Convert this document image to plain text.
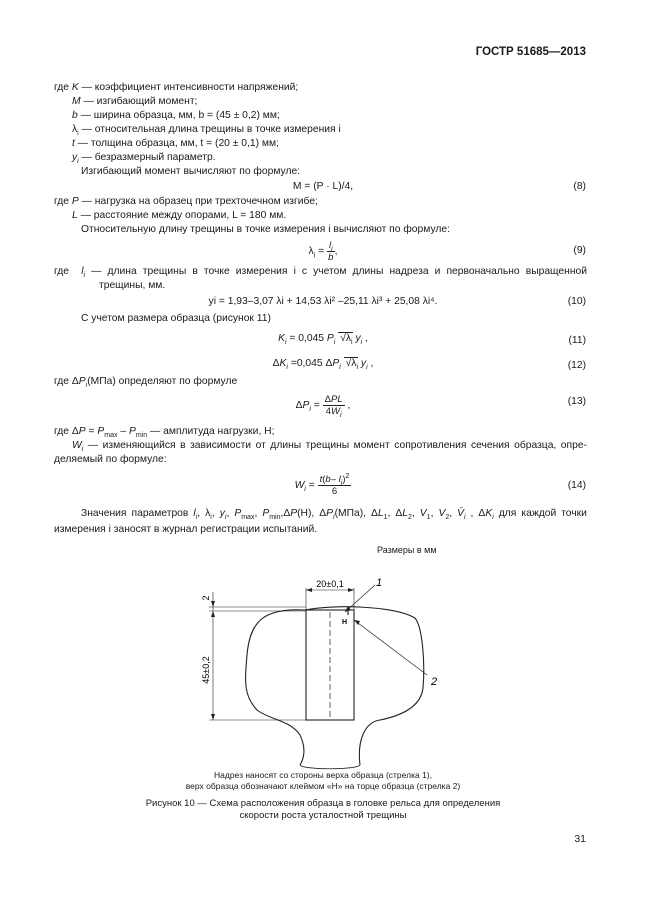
ГОСТР 51685—2013
где K — коэффициент интенсивности напряжений;
M — изгибающий момент;
b — ширина образца, мм, b = (45 ± 0,2) мм;
$\lambda_i$ — относительная длина трещины в точке измерения i
t — толщина образца, мм, t = (20 ± 0,1) мм;
$y_i$ — безразмерный параметр.
Изгибающий момент вычисляют по формуле:
M = (P · L)/4,	(8)
где P — нагрузка на образец при трехточечном изгибе;
L — расстояние между опорами, L = 180 мм.
Относительную длину трещины в точке измерения i вычисляют по формуле:
$\lambda_i = \frac{l_i}{b}$ ,	(9)
где  $l_i$ — длина трещины в точке измерения i с учетом длины надреза и первоначально выращенной
трещины, мм.
yi = 1,93–3,07 λi + 14,53 λi² –25,11 λi³ + 25,08 λi⁴.	(10)
С учетом размера образца (рисунок 11)
$K_i = 0,045$ $P_i$ $√\lambda_i$ $y_i$ ,	(11)
$\Delta K_i =0,045$ $\Delta P_i$ $√\lambda_i$ $y_i$ ,	(12)
где $\Delta P_i(МПа)$ определяют по формуле
$\Delta P_i = \frac{\text{ΔPL}}{4W_i}$ ,	(13)
где $\Delta P = P_{max} - P_{min}$ — амплитуда нагрузки, Н;
$W_i$ — изменяющийся в зависимости от длины трещины момент сопротивления сечения образца, опре-
деляемый по формуле:
$W_i = \frac{t(b- l_i)^2}{6}$	(14)
Значения параметров $l_i$, $\lambda_i$, $y_i$, $P_{max}$, $P_{min},\Delta P(Н)$, $\Delta P_i(МПа)$, $\Delta L_1$, $\Delta L_2$, $V_1$, $V_2$, $V̄_i$ , $\Delta K_i$ для каждой точки
измерения i заносят в журнал регистрации испытаний.
Размеры в мм
20±0,1
2
45±0,2
1
2
Н
Надрез наносят со стороны верха образца (стрелка 1),
верх образца обозначают клеймом «Н» на торце образца (стрелка 2)
Рисунок 10 — Схема расположения образца в головке рельса для определения
скорости роста усталостной трещины
31
